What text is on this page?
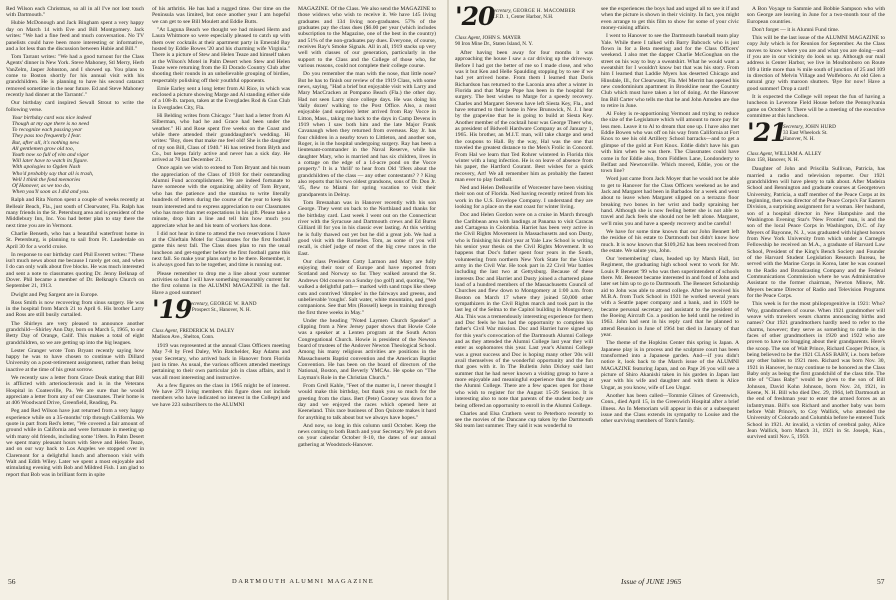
Red Wilson each Christmas, so all in all I've not lost touch with Dartmouth."

Hubie McDonough and Jack Bingham spent a very happy day on March 14 with Eve and Bill Montgomery. Jack writes: "We had a fine feed and much conversation. No TV panelists could have been more interesting or informative, and a lot less than the discussion between Hubie and Bill."

Tom Tarrant writes: "We had a good turnout for the Class Agents' dinner in New York. Steve Mahoney, Stl Merry, Herb VanZelm, Jasper Johnston, and I showed up. You plans to come to Boston shortly for his annual visit with his grandchildren. He is planning to have his second cataract removed sometime in the near future. Ed and Steve Mahoney recently had dinner at the Tarrants'."

Our birthday card inspired Sewall Strout to write the following verse.

Your birthday card was nice indeed
Though at my age there is no need
To recognize each passing year
They pass too frequently I fear.
But, after all, it's nothing new.
All gentlemen grow old too,
Youth now so full of vim and vigor
Will later have to watch its figure.
With apologies to Ogden Nash
Who'd probably say that all is trash,
Well I think the fond memories
Of Hanover, as we too do,
When you'll soon as I did and you.

Ralph and Rita Norton spent a couple of weeks recently at Belleair Beach, Fla., just south of Clearwater, Fla. Ralph has many friends in the St. Petersburg area and is president of the Middlebury Inn, Inc. You had better plan to stay there the next time you are in Vermont.

Charlie Benseth, who has a beautiful waterfront home in St. Petersburg, is planning to sail from Ft. Lauderdale on April 30 for a world cruise.

In response to our birthday card Phil Everett writes: "These isn't much news about me because I rarely get out, and when I do can only walk about five blocks. He was much interested and sent a note to classmates quoting Dr. Jenny Belknap of Dover. Phil became a member of Dr. Belknap's Church on September 21, 1913.

Dwight and Peg Sargent are in Europe.

Ross Smith is now recovering from sinus surgery. He was in the hospital from March 21 to April 6. His brother Larry and Ross are still busily curtailed.

The Shirleys are very pleased to announce another grandchild—Shirley Ann Day, born on March 5, 1965, to our Betty Day of Orange, Calif. This makes a total of eight grandchildren, so we are getting up into the big leagues.

Lester Granger wrote Tom Bryant recently saying how happy he was to have chosen to continue with Dillard University on a post-retirement assignment, rather than being inactive at the time of his great sorrow.

We recently saw a letter from Grace Deak stating that Bill is afflicted with arteriosclerosis and is in the Veterans Hospital in Coatesville, Pa. We are sure that he would appreciate a letter from any of our Classmates. Their home is at 406 Woodward Drive, Greenfield, Reading, Pa.

Peg and Red Wilson have just returned from a very happy experience while on a 35-months' trip through California. We quote in part from Red's letter, "We covered a fair amount of ground while in California and were fortunate in meeting up with many old friends, including some '18ers. In Palm Desert we spent many pleasant hours with Steve and Helen Teaze, and on our way back to Los Angeles we stopped over in Claremont for a delightful lunch and afternoon visit with Walt and Edith Wiley. Later we spent a most enjoyable and stimulating evening with Bob and Mildred Fish. I am glad to report that Bob was in brilliant form in spite

of his arthritis. He has had a rugged time. Our time on the Peninsula was limited, but once another year I am hopeful we can get to see Bill Moulett and Eddie Butts.

"At Laguna Beach we thought we had missed Herm and Laura Whitmore so were especially pleased to catch up with them over cocktails at their apartment party in Emerald Bay hosted by Eddie Bowes '20 and his charming wife Virginia." There is a picture of Stew and Helen Teaze and himself taken at the Wilson's Motel in Palm Desert when Stew and Helen Teaze were returning from the El Dorado Country Club after shooting their rounds in an unbelievable grouping of birdies, respectably polishing off their youthful opponents.

Ernie Earley sent a long letter from Al Rice, in which was enclosed a picture showing Marge and Al standing either side of a 108-lb. tarpon, taken at the Everglades Rod & Gun Club in Everglades City, Fla.

Hi Belding writes from Chicago: "Just had a letter from Al Silberman, who had he and Grace had been under the weather." Hi and Rose spent five weeks on the Coast and while there attended their granddaughter's wedding. Hi writes: "Boy, does that make me feel old! She is the daughter of my son Bill, Class of 1940." Hi has retired from Blyth and Co., but keeps fairly active and never has a sick day. He arrived at 70 last December 21.

Once again we wish to extend to Tom Bryant and his team the appreciation of the Class of 1918 for their outstanding Alumni Fund accomplishment. We are indeed fortunate to have someone with the organizing ability of Tom Bryant, who has the patience and the stamina to write literally hundreds of letters during the course of the year to keep his team interested and to express appreciation to our Classmates who has more than met expectations in his gift. Please take a minute, drop him a line and tell him how much you appreciate what he and his team of workers has done.

I did not hear in time to attend the two reservations I have at the Chieftain Motel for Classmates for the first football game this next fall. The Class does plan to run the usual luncheon and get-together before the first football game this next fall. So make your plans early to be there. Remember, it is always good fun to be together, and time is running out.

Please remember to drop me a line about your summer activities so that I will have something reasonably current for the first column in the ALUMNI MAGAZINE in the fall. Have a good summer!

'19
Secretary, GEORGE W. RAND
3 Prospect St., Hanover, N. H.
Class Agent, FREDERICK M. DALEY
Madison Ave., Shelton, Conn.

1919 was represented at the annual Class Officers meeting May 7-8 by Fred Daley, Win Batchelder, Ray Adams and your Secretary, who arrived back in Hanover from Florida just in time. As usual, the various officers attended meetings pertaining to their own particular job in class affairs, and it was all most interesting and instructive.

As a few figures on the class in 1965 might be of interest. We have 279 living members this figure does not include members who have indicated no interest in the College) and we have 223 subscribers to the ALUMNI

MAGAZINE. Of the Class. We also send the MAGAZINE to those widows who wish to receive it. We have 145 living graduates and 134 living non-graduates. 57% of the graduates pay the class dues ($6.00 per year (which includes subscription to the Magazine, one of the best in the country) and 51% of the non-graduates pay dues. Everyone, of course, receives Ray's Smoke Signals. All in all, 1919 stacks up very well with classes of our generation, particularly in the support to the Class and the College of those who, for various reasons, could not complete their college course.

Do you remember the man with the nose, that little nose? But he has to finish our review of the 1919 Class, with some news, saying, "Had a brief but enjoyable visit with Larry and Mary MacCracken at Pompano Beach (Fla.) the other day. Had not seen Larry since college days. He was doing his 'daily dozen' walking to the Post Office. Also, a most enjoyable (and surprise) letter arrived from Ray Vocce in Litton, Mass., taking me back to the days in Camp Devens in 1919 when I saw both him and the late Major Frank Cavanaugh when they returned from overseas. Ray Jr. has four children in a nearby town to Littleton, and another son, Roger, is in the hospital undergoing surgery. Ray has been a lieutenant-commander in the Naval Reserve, while his daughter Mary, who is married and has six children, lives in a cottage on the edge of a 14-acre pond on the Vocce property." It is a 'thrill' to hear from Old '19ers about the grandchildren of the class — any other contestants? ? ? King also reports that his two oldest grandsons, sons of Dr. Don Jr. '45, flew to Miami for spring vacation to visit their grandparents in Delray.

Tom Bresnahan was in Hanover recently with his son George. They went on back to the Northland and thanks for the birthday card. Last week I went out on the Connecticut river with the Syracuse and Dartmouth crews and Ed Burns Gilliard ill for you in his classic ever lasting. At this writing he is fully thawed out yet but he did a great job. We had a good visit with the Romelles. Tom, as some of you will recall, is chief judge of most of the big crew races in the East.

Our class President Cotty Larmon and Mary are fully enjoying their tour of Europe and have reported from Scotland and Norway so far. They walked around the St. Andrews Old course on a Sunday (no golf) and, quoting, "We walked a delightful path— marked with sand traps like sheep cuts and contrived 'dimples' in the fairways and greens, and unbelievable 'roughs'. Salt water, white mountains, and good companions. See that Mrs (Rossell) keeps in training through the first three weeks in May."

Under the heading "Noted Laymen Church Speaker" a clipping from a New Jersey paper shows that Howie Cole was a speaker at a Lenten program at the South Acton Congregational Church. Howie is president of the Newton board of trustees of the Andover Newton Theological School. Among his many religious activities are positions in the Massachusetts Baptist convention and the American Baptist Convention. He has been on the board of directors of the National, Boston, and Beverly YMCAs. He spoke on "The Layman's Role in the Christian Church."

From Grell Kahle, "Feet of the matter is, I never thought I would make this birthday, but thank you so much for the greeting from the class. Bert (Pete) Cooney was down for a day and we enjoyed the races which opened here at Keeneland. This race business of Don Quixote makes it hard for anything to talk about but we always have hopes."

And now, so long in this column until October. Keep the news coming to both Batch and your Secretary. We put down on your calendar October 8-10, the dates of our annual gathering at Woodstock-Hanover.

56	DARTMOUTH ALUMNI MAGAZINE
'20
Secretary, GEORGE H. MACOMBER
R.F.D. 1, Center Harbor, N.H.
Class Agent, JOHN S. MAYER
90 Iron Mine Dr., Staten Island, N. Y.

After having been away for four months it was approaching the house I saw a car driving up the driveway. Before I had got the better of me so I made close, and who was it but Ken and Helle Spaulding stopping by to see if we had yet arrived home. From them I learned that Doris Richardson has returned to the Laconia area after a winter in Florida and that Marge Pope has been in the hospital for surgery. The best wishes to Marge for a speedy recovery. Charles and Margaret Stevens have left Siesta Key, Fla., and have returned to their home in New Brunswick, N. J. I hear by the grapevine that he is going to build at Siesta Key. Another member of the cocktail hour was George Theer who, as president of Bidwell Hardware Company as of January 1, 1965. His brother, an M.I.T. man, will take charge and send the coupons to Hall. By the way, Hal was the one that traveled the greatest distance to the Men's Frolic in Concord. From Hal we learn that Ted Rohrer wintered in Florida this winter with a lung infection. He is on leave of absence from his paper, the Hartford Courant. Best wishes for a quick recovery, Art! We all remember him as probably the fastest man ever to play football.

Ned and Helen DeBourille of Worcester have been visiting their son out of Florida. Ned having recently retired from his work in the U.S. Envelope Company. I understand they are looking for a place on the east coast for winter living.

Doc and Helen Gordon were on a cruise in March through the Caribbean area with landings at Panama to visit Caracas and Cartagena in Colombia. Harriet has been very active in the Civil Rights Movement in Massachusetts and son Dusty, who is finishing his third year at Yale Law School is writing his senior year thesis on the Civil Rights Movement. It so happens that Doc's father spent four years in the South, volunteering from northern New York State for the Union army in the Civil War. He took part in 22 Civil War battles including the last two at Gettysburg. Because of these interests Doc and Harriet and Dusty joined a chartered plane load of a hundred members of the Massachusetts Council of Churches and flew down to Montgomery at 1:00 a.m. from Boston on March 17 where they joined 50,000 other sympathizers in the Civil Rights march and took part in the last leg of the Selma to the Capitol building in Montgomery, Ala. This was a tremendously interesting experience for them and Doc feels he has had the opportunity to complete his father's Civil War mission. Doc and Harriet have signed up for this year's convocation of the Dartmouth Alumni College and as they attended the Alumni College last year they will enter as sophomores this year. Last year's Alumni College was a great success and Doc is hoping many other '20s will avail themselves of the wonderful opportunity and the fun that goes with it. In The Bulletin John Dickey said last summer that he had never known a visiting group to have a more enjoyable and meaningful experience than the gang at the Alumni College. There are a few spaces open for those who wish to register for the August 15-29 Session. It is interesting also to note that parents of the student body are being offered an opportunity to enroll in the Alumni College.

Charles and Elsa Crathern went to Peterboro recently to see the movies of the Dancane cup taken by the Dartmouth Ski team last summer. They said it was wonderful to

see the experiences the boys had and urged all to see it if and when the picture is shown in their vicinity. In fact, you might even arrange to get this film to show for some of your civic money-raising affairs.

I went to Hanover to see the Dartmouth baseball team play Yale. While there I talked with Barry Babcock who is just flown in for a Beta meeting and for the Class Officers' weekend. I also met the dapper Charlie McGoughan on the street on his way to buy a sweatshirt. What he would want a sweatshirt for I wouldn't know but that was his story. From him I learned that Laddie Myers has deserted Chicago and Hinsdale, Ill., for Clearwater, Fla. Mel Merritt has opened his new condominium apartment in Brookline near the Country Club which must have taken a lot of doing. At the Hanover Inn Bill Carter who tells me that he and John Amsden are due to retire in June.

Al Foley is re-apportioning Vermont and trying to reduce the size of the Legislature which will amount to more pay for less men. Leave it to Al to dream that one up. I have also met Eddie Bowen who was off on his way from California at Fort Knox to see his old Artillery School barracks—and to get a glimpse of the gold at Fort Knox. Eddie didn't have his gun with him when he was there. The Classmates could have come in for Eddie also, from Fiddlers Lane, Londonderry to Belfast and Newtonville. Which moved, Eddie, you or the town line?

Word just came from Jack Moyer that he would not be able to get to Hanover for the Class Officers weekend as he and Jack and Margaret had been in Barbados for a week and went about to leave when Margaret slipped on a terrazzo floor breaking two bones in her wrist and badly spraining her hand. Although she is now feeling better she is not able to travel and Jack feels she should not be left alone. Margaret, we'll miss you and have a speedy recovery and be careful!

We have for some time known that our John Bennett left the residue of his estate to Dartmouth but didn't know how much. It is now known that $109,262 has been received from the estate. We salute you, John.

Our 'remembering' class, headed up by Marsh Hall, 1st Regiment, the graduating high school went to work for Mr. Louis P. Benezet '99 who was then superintendent of schools there. Mr. Benezet became interested in and fond of John and later set him up to go to Dartmouth. The Benezet Scholarship aid to John was able to attend college. After he received his M.B.A. from Tuck School in 1921 he worked several years with a Seattle paper company and a bank, and in 1929 he became personal secretary and assistant to the president of the Boeing Aircraft Co. a position he held until he retired in 1963. John had sent in his reply card that he planned to attend Reunion in June of 1964 but died in January of that year.

The theme of the Hopkins Center this spring is Japan. A Japanese play is in process and the sculpture court has been transformed into a Japanese garden. And—if you didn't notice it, look back to the March issue of the ALUMNI MAGAZINE featuring Japan, and on Page 26 you will see a picture of Shiro Akanishi taken in his garden in Japan last year with his wife and daughter and with them is Alice Ungar, as you know, wife of Leo Ungar.

Another has been called—Tommie Glines of Greenwich, Conn., died April 15, in the Greenwich Hospital after a brief illness. An In Memoriam will appear in this or a subsequent issue and the Class extends its sympathy to Louise and the other surviving members of Tom's family.

A Bon Voyage to Sammie and Bobbie Sampson who with son George are leaving in June for a two-month tour of the European countries.

Don't forget — it is Alumni Fund time.

This will be the last issue of the ALUMNI MAGAZINE to copy July which is for Reunion for September. As the Class moves to know where you are and what you are doing—and if you are in our vicinity do look us up. Although our mail address is Center Harbor, we live in Moultonboro on Route 109 a little more than ¾ mile south of junction of 25 and 109 in direction of Melvin Village and Wolfeboro. At old Glen a natural gray with maroon shutters. 'Bye for now! Have a good summer! Drop a card!

It is expected the College will repeat the fun of having a luncheon in Leverone Field House before the Pennsylvania game on October 9. There will be a meeting of the executive committee at this luncheon.

'21
Secretary, JOHN HURD
33 East Wheelock St.
Hanover, N. H.
Class Agent, WILLIAM A. ALLEY
Box 158, Hanover, N. H.

Daughter of John and Priscilla Sullivan, Patricia, has married a radio and television reporter. Our 1921 grandchildren will have plenty to talk about. After Madeira School and Bennington and graduate courses at Georgetown University, Patricia, a staff member of the Peace Corps at its beginning, then was director of the Peace Corps's Far Eastern Division, a surprising assignment for a woman. Her husband, son of a hospital director in New Hampshire and the Washington Evening Star's 'New Frontier' man, is and the son of the local Peace Corps in Washington, D.C. of Jay Meyers of Bayonne, N. J., was graduated with highest honors from New York University from which under a Carnegie Fellowship he received an M.A., a graduate of Harvard Law School, President of the King's Bench Society and Founder of the Harvard Student Legislation Research Bureau, he served with the Marine Corps in Korea, later he was counsel to the Radio and Broadcasting Company and the Federal Communications Commission where he was Administrative Assistant to the former chairman, Newton Minow, Mr. Meyers became Director of Radio and Television Programs for the Peace Corps.

This week is for the most philoprogenitive in 1921: Who? Why, grandmothers of course. When 1921 grandmother will weave with travelers wears charms announcing births and names? Our 1921 grandmothers hardly need to refer to the charms, however; they serve as something to rattle in the faces of other grandmothers in 1920 and 1922 who are proven to have no bragging about their grandparents. Here's the scoop. The son of Walt Prince, Richard Cooper Prince, is being believed to be the 1921 CLASS BABY, i.e. born before any other babies to 1921 men. Richard was born Nov. 30, 1921 in Hanover, he may continue to be honored as the Class Baby only as being the first grandchild of the class title. The title of "Class Baby" would be given to the son of Bill Johnson, David Kohn Johnson, born Nov. 24, 1921, in Keene, N. H. Bill who died Dec. 29, 1964, left Dartmouth at the end of freshman year to enter the armed forces as an infantryman. Bill's son Richard and another baby was born before Walt Prince's, to Coy Wallick, who attended the University of Colorado and Columbia before he entered Tuck School in 1921. At invalid, a victim of cerebral palsy, Alice Jean Wallick, born March 31, 1921 in St. Joseph, Kan., survived until Nov. 5, 1959.

Issue of JUNE 1965	57
